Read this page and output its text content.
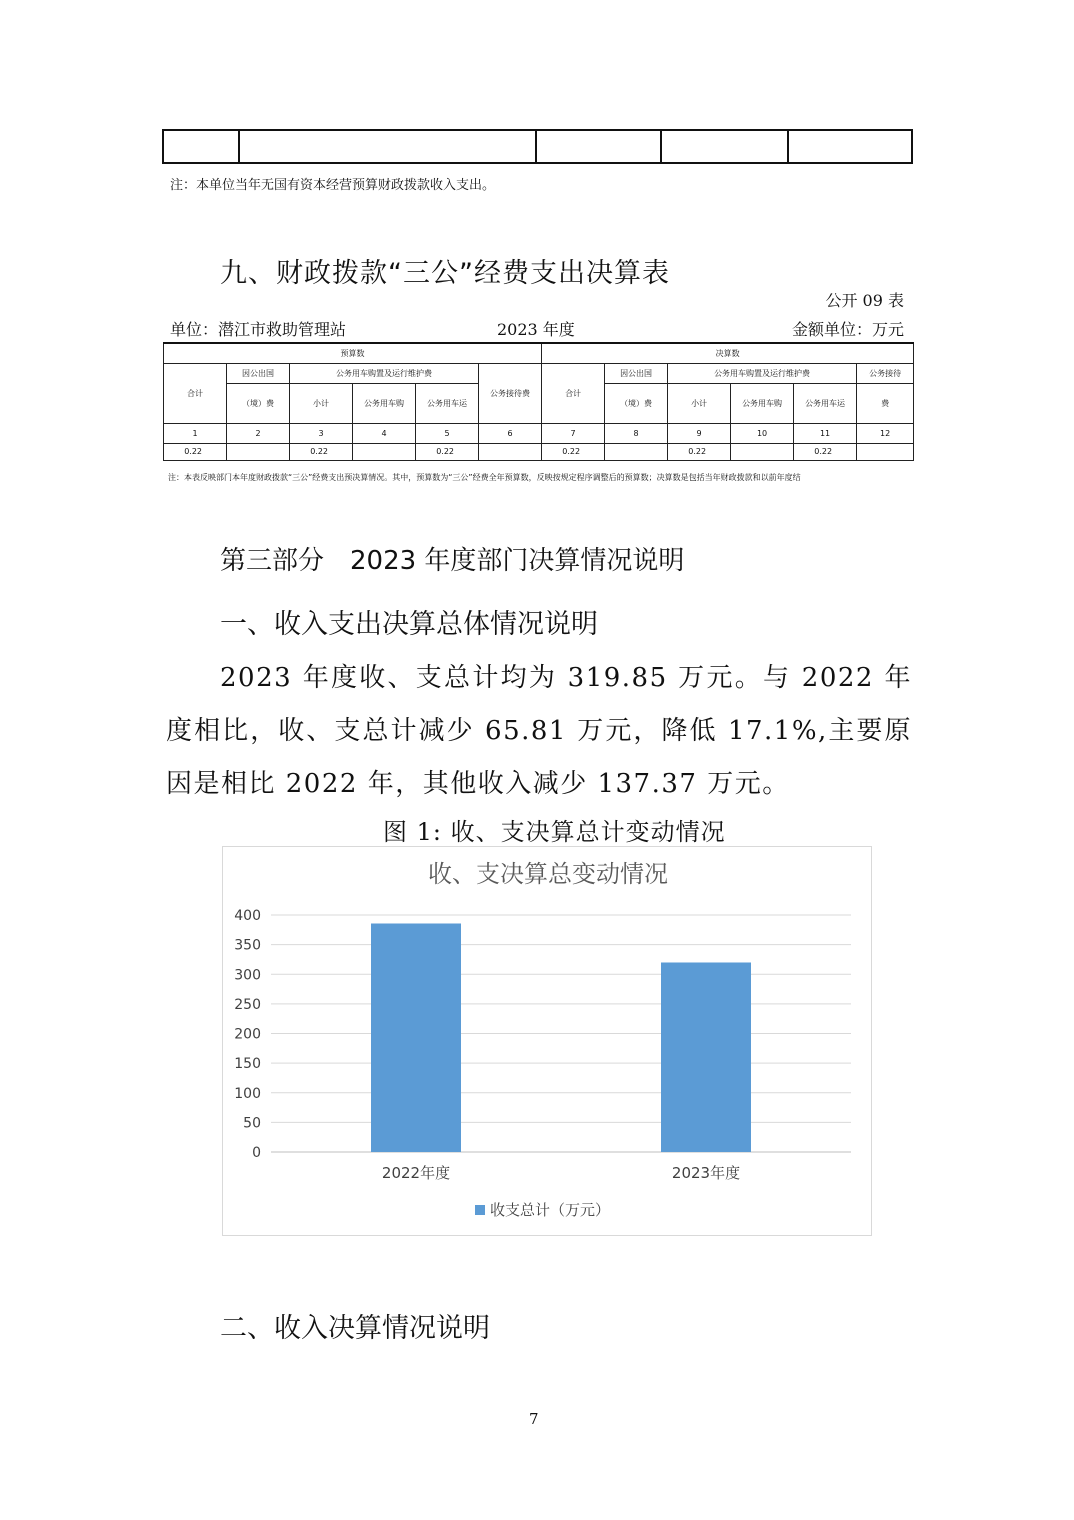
注：本单位当年无国有资本经营预算财政拨款收入支出。
九、财政拨款“三公”经费支出决算表
公开 09 表
单位：潜江市救助管理站	2023 年度	金额单位：万元
预算数						决算数					
合计	因公出国	公务用车购置及运行维护费			公务接待费	合计	因公出国	公务用车购置及运行维护费			公务接待
	（境）费	小计	公务用车购	公务用车运			（境）费	小计	公务用车购	公务用车运	费
1	2	3	4	5	6	7	8	9	10	11	12
0.22		0.22		0.22		0.22		0.22		0.22	
注：本表反映部门本年度财政拨款“三公”经费支出预决算情况。其中，预算数为“三公”经费全年预算数，反映按规定程序调整后的预算数；决算数是包括当年财政拨款和以前年度结
第三部分　2023 年度部门决算情况说明
一、收入支出决算总体情况说明
2023 年度收、支总计均为 319.85 万元。与 2022 年度相比，收、支总计减少 65.81 万元，降低 17.1%,主要原因是相比 2022 年，其他收入减少 137.37 万元。
图 1: 收、支决算总计变动情况
收、支决算总变动情况
0
50
100
150
200
250
300
350
400
2022年度	2023年度
收支总计（万元）
二、收入决算情况说明
7
